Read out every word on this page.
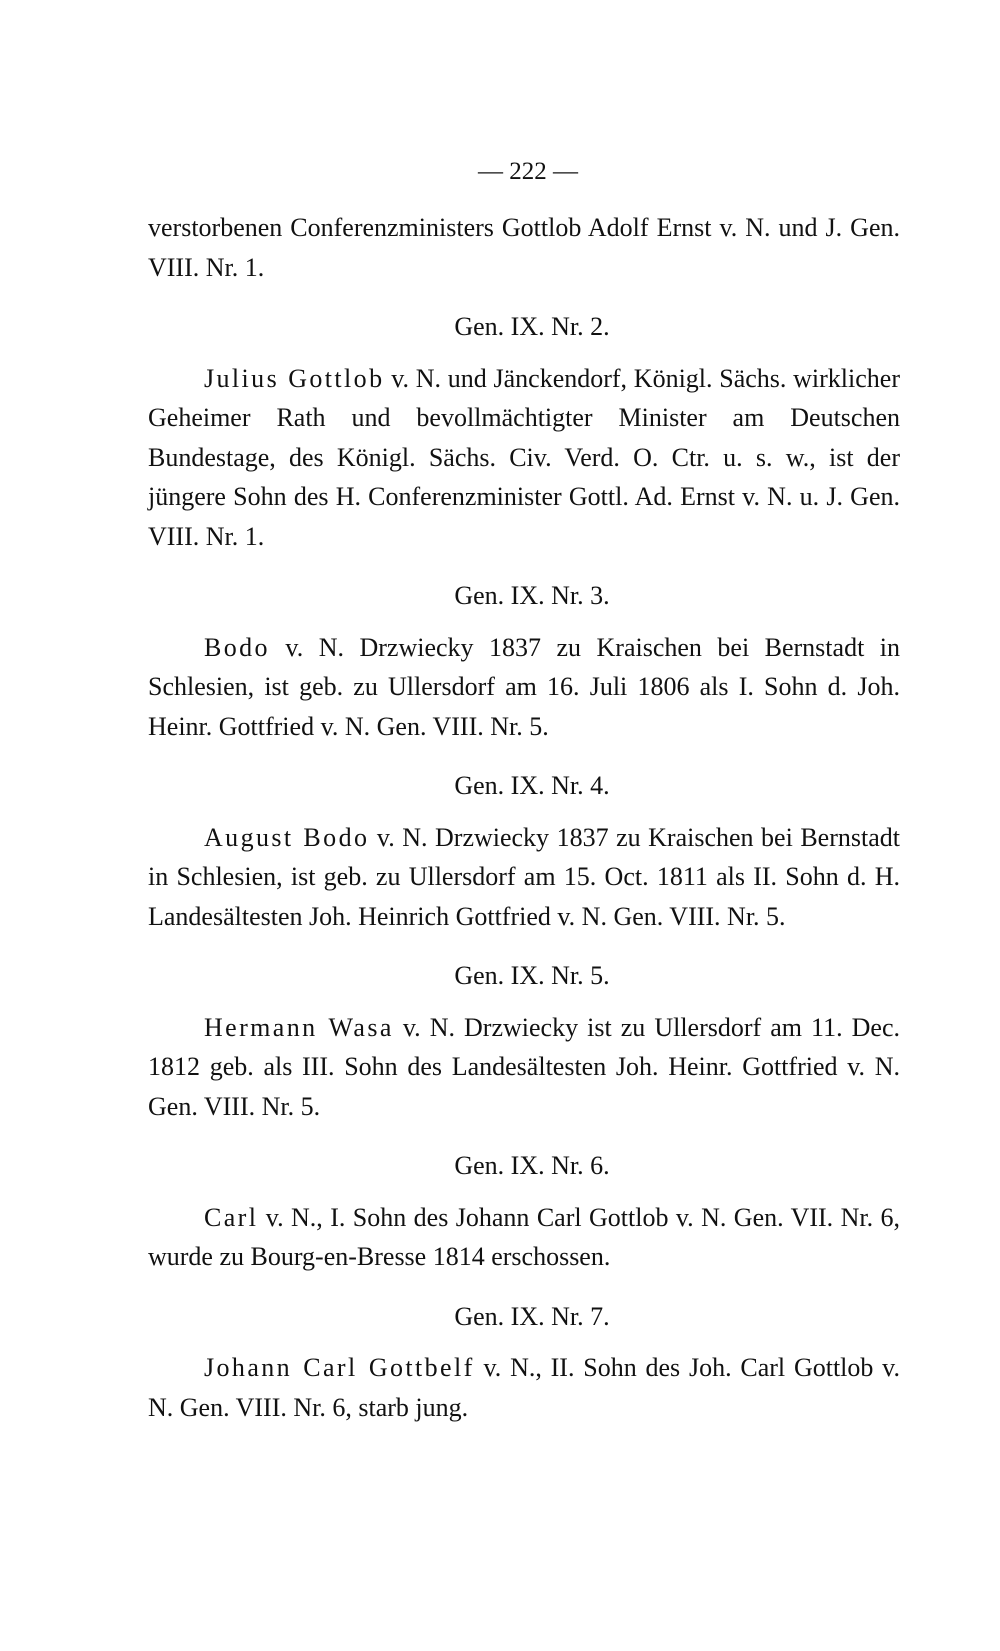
— 222 —

verstorbenen Conferenzministers Gottlob Adolf Ernst v. N. und J. Gen. VIII. Nr. 1.

Gen. IX. Nr. 2.

Julius Gottlob v. N. und Jänckendorf, Königl. Sächs. wirklicher Geheimer Rath und bevollmächtigter Minister am Deutschen Bundestage, des Königl. Sächs. Civ. Verd. O. Ctr. u. s. w., ist der jüngere Sohn des H. Conferenzminister Gottl. Ad. Ernst v. N. u. J. Gen. VIII. Nr. 1.

Gen. IX. Nr. 3.

Bodo v. N. Drzwiecky 1837 zu Kraischen bei Bernstadt in Schlesien, ist geb. zu Ullersdorf am 16. Juli 1806 als I. Sohn d. Joh. Heinr. Gottfried v. N. Gen. VIII. Nr. 5.

Gen. IX. Nr. 4.

August Bodo v. N. Drzwiecky 1837 zu Kraischen bei Bernstadt in Schlesien, ist geb. zu Ullersdorf am 15. Oct. 1811 als II. Sohn d. H. Landesältesten Joh. Heinrich Gottfried v. N. Gen. VIII. Nr. 5.

Gen. IX. Nr. 5.

Hermann Wasa v. N. Drzwiecky ist zu Ullersdorf am 11. Dec. 1812 geb. als III. Sohn des Landesältesten Joh. Heinr. Gottfried v. N. Gen. VIII. Nr. 5.

Gen. IX. Nr. 6.

Carl v. N., I. Sohn des Johann Carl Gottlob v. N. Gen. VII. Nr. 6, wurde zu Bourg-en-Bresse 1814 erschossen.

Gen. IX. Nr. 7.

Johann Carl Gottbelf v. N., II. Sohn des Joh. Carl Gottlob v. N. Gen. VIII. Nr. 6, starb jung.
